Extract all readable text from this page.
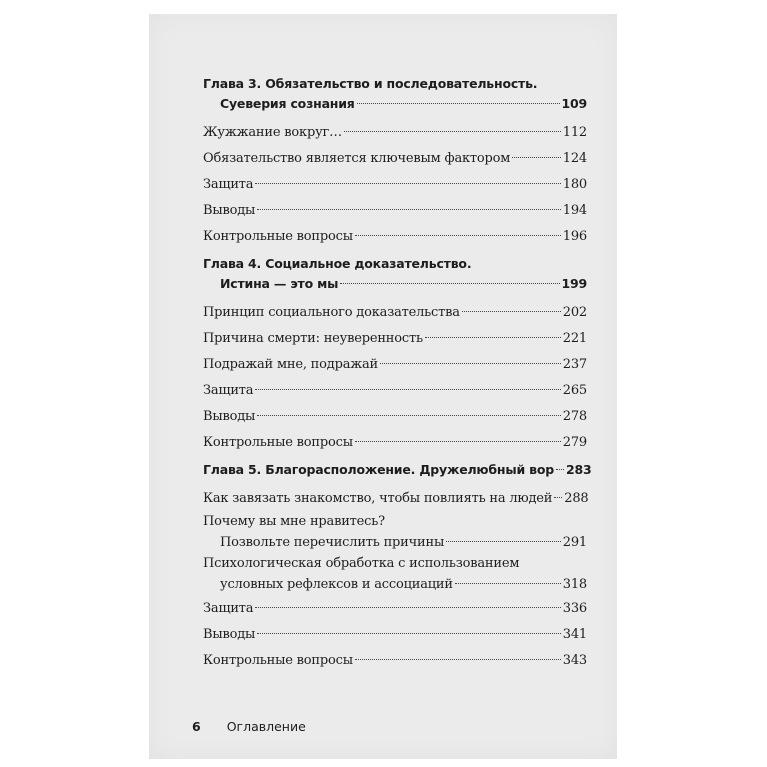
Глава 3. Обязательство и последовательность.
Суеверия сознания	109
Жужжание вокруг…	112
Обязательство является ключевым фактором	124
Защита	180
Выводы	194
Контрольные вопросы	196
Глава 4. Социальное доказательство.
Истина — это мы	199
Принцип социального доказательства	202
Причина смерти: неуверенность	221
Подражай мне, подражай	237
Защита	265
Выводы	278
Контрольные вопросы	279
Глава 5. Благорасположение. Дружелюбный вор 283
Как завязать знакомство, чтобы повлиять на людей 288
Почему вы мне нравитесь?
Позвольте перечислить причины	291
Психологическая обработка с использованием
условных рефлексов и ассоциаций	318
Защита	336
Выводы	341
Контрольные вопросы	343
6 Оглавление
